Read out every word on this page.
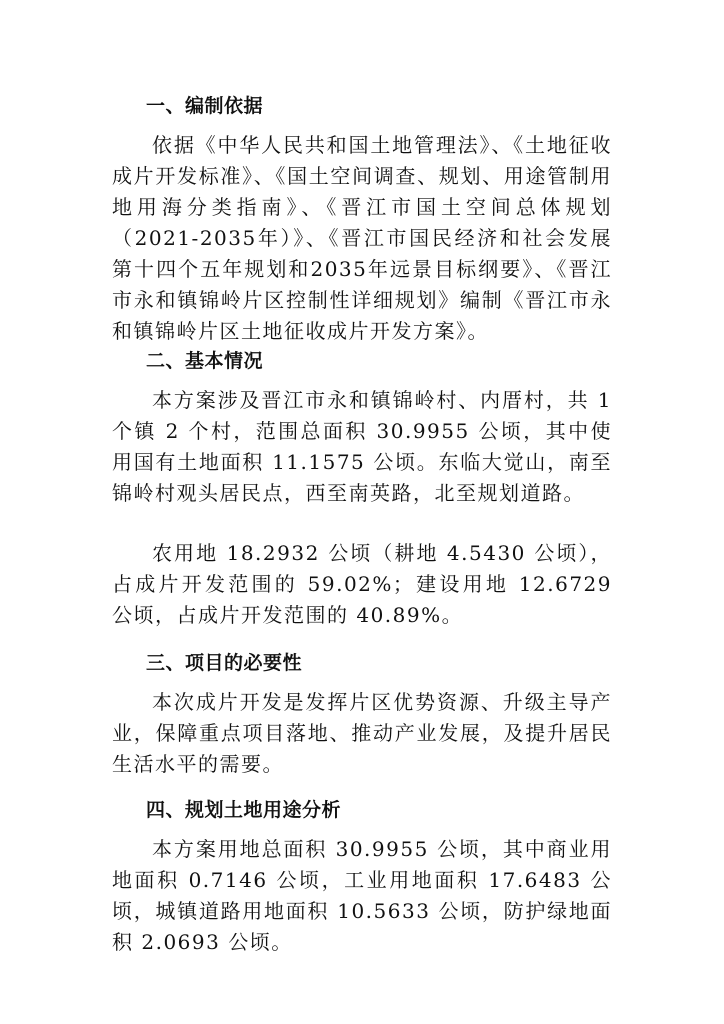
一、编制依据

依据《中华人民共和国土地管理法》、《土地征收成片开发标准》、《国土空间调查、规划、用途管制用地用海分类指南》、《晋江市国土空间总体规划（2021-2035年）》、《晋江市国民经济和社会发展第十四个五年规划和2035年远景目标纲要》、《晋江市永和镇锦岭片区控制性详细规划》编制《晋江市永和镇锦岭片区土地征收成片开发方案》。

二、基本情况

本方案涉及晋江市永和镇锦岭村、内厝村，共 1 个镇 2 个村，范围总面积 30.9955 公顷，其中使用国有土地面积 11.1575 公顷。东临大觉山，南至锦岭村观头居民点，西至南英路，北至规划道路。

农用地 18.2932 公顷（耕地 4.5430 公顷），占成片开发范围的 59.02%；建设用地 12.6729 公顷，占成片开发范围的 40.89%。

三、项目的必要性

本次成片开发是发挥片区优势资源、升级主导产业，保障重点项目落地、推动产业发展，及提升居民生活水平的需要。

四、规划土地用途分析

本方案用地总面积 30.9955 公顷，其中商业用地面积 0.7146 公顷，工业用地面积 17.6483 公顷，城镇道路用地面积 10.5633 公顷，防护绿地面积 2.0693 公顷。
